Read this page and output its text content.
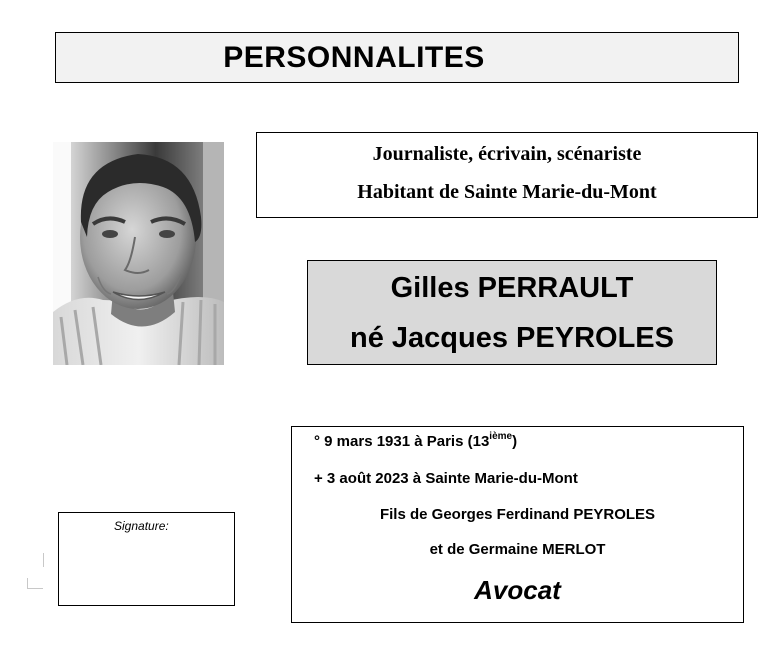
PERSONNALITES
Journaliste, écrivain, scénariste
Habitant de Sainte Marie-du-Mont
Gilles PERRAULT
né Jacques PEYROLES
Signature:
° 9 mars 1931 à Paris (13ième)
+ 3 août 2023 à Sainte Marie-du-Mont
Fils de Georges Ferdinand PEYROLES
et de Germaine MERLOT
Avocat
